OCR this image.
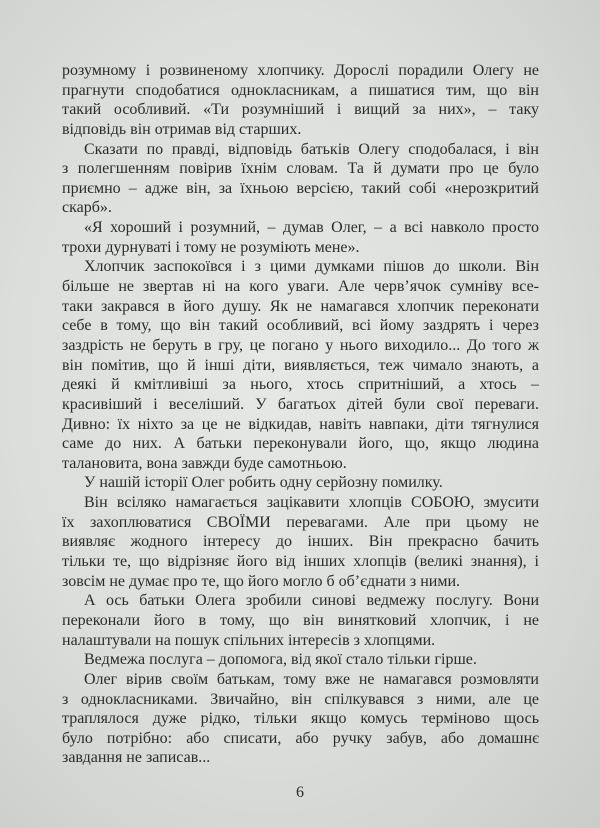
розумному і розвиненому хлопчику. Дорослі порадили Олегу не
прагнути сподобатися однокласникам, а пишатися тим, що він
такий особливий. «Ти розумніший і вищий за них», – таку
відповідь він отримав від старших.
Сказати по правді, відповідь батьків Олегу сподобалася, і він
з полегшенням повірив їхнім словам. Та й думати про це було
приємно – адже він, за їхньою версією, такий собі «нерозкритий
скарб».
«Я хороший і розумний, – думав Олег, – а всі навколо просто
трохи дурнуваті і тому не розуміють мене».
Хлопчик заспокоївся і з цими думками пішов до школи. Він
більше не звертав ні на кого уваги. Але черв’ячок сумніву все-
таки закрався в його душу. Як не намагався хлопчик переконати
себе в тому, що він такий особливий, всі йому заздрять і через
заздрість не беруть в гру, це погано у нього виходило... До того ж
він помітив, що й інші діти, виявляється, теж чимало знають, а
деякі й кмітливіші за нього, хтось спритніший, а хтось –
красивіший і веселіший. У багатьох дітей були свої переваги.
Дивно: їх ніхто за це не відкидав, навіть навпаки, діти тягнулися
саме до них. А батьки переконували його, що, якщо людина
талановита, вона завжди буде самотньою.
У нашій історії Олег робить одну серйозну помилку.
Він всіляко намагається зацікавити хлопців СОБОЮ, змусити
їх захоплюватися СВОЇМИ перевагами. Але при цьому не
виявляє жодного інтересу до інших. Він прекрасно бачить
тільки те, що відрізняє його від інших хлопців (великі знання), і
зовсім не думає про те, що його могло б об’єднати з ними.
А ось батьки Олега зробили синові ведмежу послугу. Вони
переконали його в тому, що він винятковий хлопчик, і не
налаштували на пошук спільних інтересів з хлопцями.
Ведмежа послуга – допомога, від якої стало тільки гірше.
Олег вірив своїм батькам, тому вже не намагався розмовляти
з однокласниками. Звичайно, він спілкувався з ними, але це
траплялося дуже рідко, тільки якщо комусь терміново щось
було потрібно: або списати, або ручку забув, або домашнє
завдання не записав...
6
